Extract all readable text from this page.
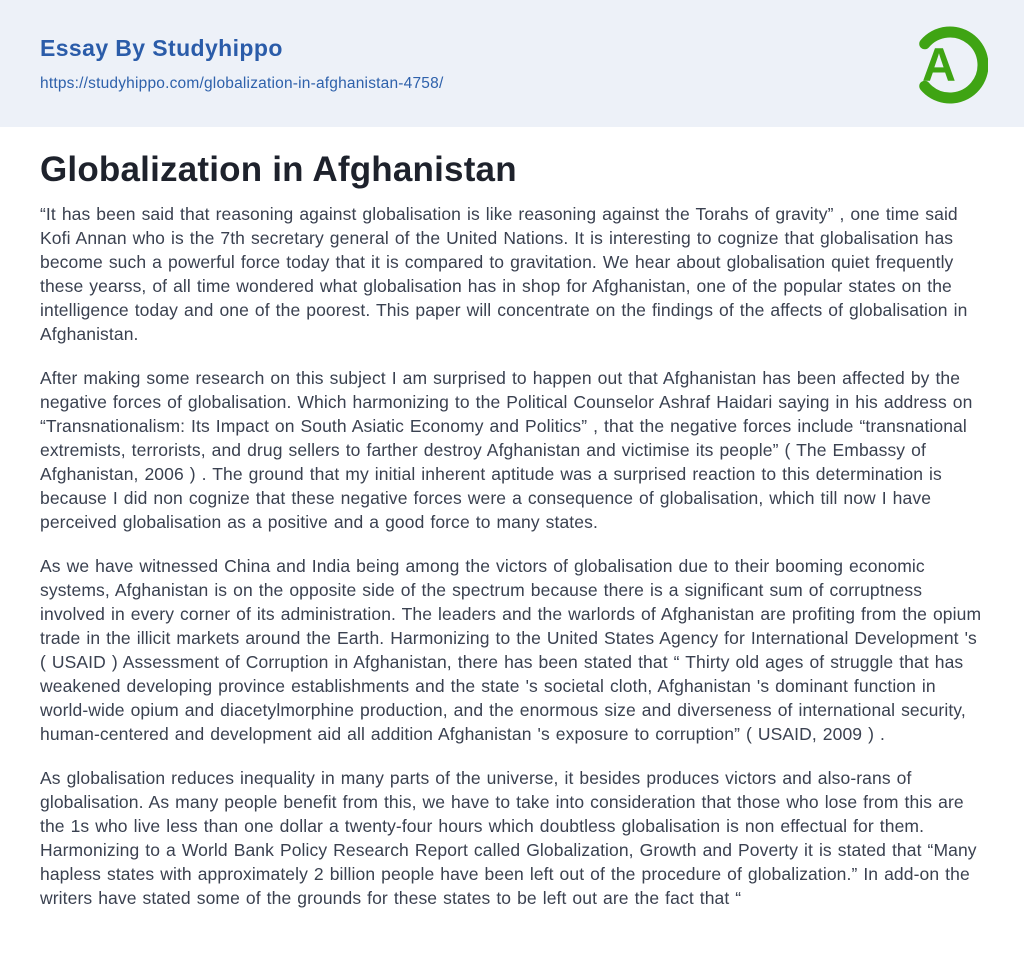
Essay By Studyhippo
https://studyhippo.com/globalization-in-afghanistan-4758/	A
Globalization in Afghanistan

“It has been said that reasoning against globalisation is like reasoning against the Torahs of gravity” , one time said Kofi Annan who is the 7th secretary general of the United Nations. It is interesting to cognize that globalisation has become such a powerful force today that it is compared to gravitation. We hear about globalisation quiet frequently these yearss, of all time wondered what globalisation has in shop for Afghanistan, one of the popular states on the intelligence today and one of the poorest. This paper will concentrate on the findings of the affects of globalisation in Afghanistan.

After making some research on this subject I am surprised to happen out that Afghanistan has been affected by the negative forces of globalisation. Which harmonizing to the Political Counselor Ashraf Haidari saying in his address on “Transnationalism: Its Impact on South Asiatic Economy and Politics” , that the negative forces include “transnational extremists, terrorists, and drug sellers to farther destroy Afghanistan and victimise its people” ( The Embassy of Afghanistan, 2006 ) . The ground that my initial inherent aptitude was a surprised reaction to this determination is because I did non cognize that these negative forces were a consequence of globalisation, which till now I have perceived globalisation as a positive and a good force to many states.

As we have witnessed China and India being among the victors of globalisation due to their booming economic systems, Afghanistan is on the opposite side of the spectrum because there is a significant sum of corruptness involved in every corner of its administration. The leaders and the warlords of Afghanistan are profiting from the opium trade in the illicit markets around the Earth. Harmonizing to the United States Agency for International Development 's ( USAID ) Assessment of Corruption in Afghanistan, there has been stated that “ Thirty old ages of struggle that has weakened developing province establishments and the state 's societal cloth, Afghanistan 's dominant function in world-wide opium and diacetylmorphine production, and the enormous size and diverseness of international security, human-centered and development aid all addition Afghanistan 's exposure to corruption” ( USAID, 2009 ) .

As globalisation reduces inequality in many parts of the universe, it besides produces victors and also-rans of globalisation. As many people benefit from this, we have to take into consideration that those who lose from this are the 1s who live less than one dollar a twenty-four hours which doubtless globalisation is non effectual for them. Harmonizing to a World Bank Policy Research Report called Globalization, Growth and Poverty it is stated that “Many hapless states with approximately 2 billion people have been left out of the procedure of globalization.” In add-on the writers have stated some of the grounds for these states to be left out are the fact that “
